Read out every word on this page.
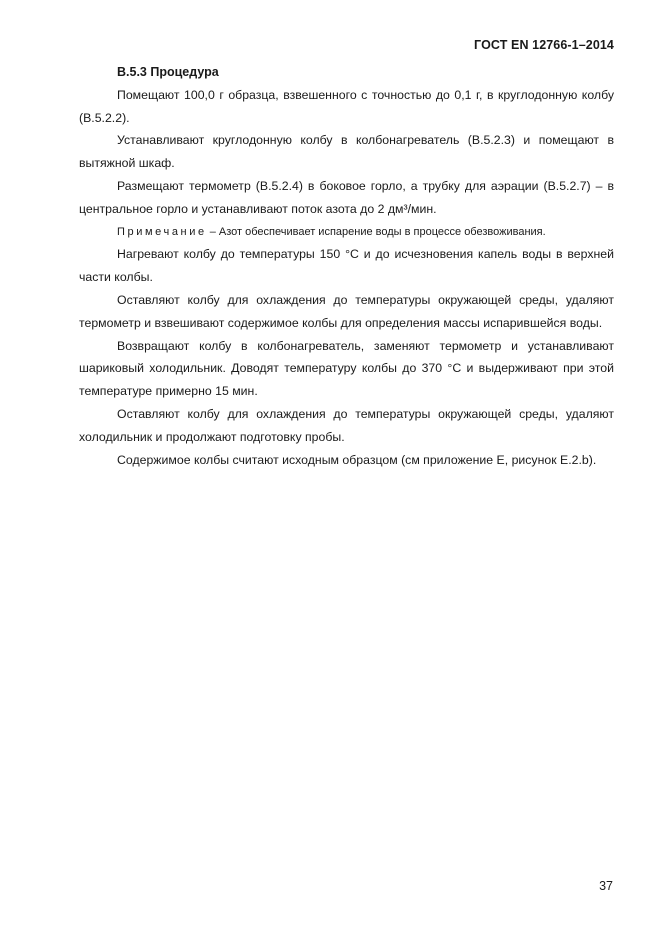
ГОСТ EN 12766-1–2014

B.5.3 Процедура

Помещают 100,0 г образца, взвешенного с точностью до 0,1 г, в круглодонную колбу (B.5.2.2).

Устанавливают круглодонную колбу в колбонагреватель (B.5.2.3) и помещают в вытяжной шкаф.

Размещают термометр (B.5.2.4) в боковое горло, а трубку для аэрации (B.5.2.7) – в центральное горло и устанавливают поток азота до 2 дм³/мин.

Примечание – Азот обеспечивает испарение воды в процессе обезвоживания.

Нагревают колбу до температуры 150 °С и до исчезновения капель воды в верхней части колбы.

Оставляют колбу для охлаждения до температуры окружающей среды, удаляют термометр и взвешивают содержимое колбы для определения массы испарившейся воды.

Возвращают колбу в колбонагреватель, заменяют термометр и устанавливают шариковый холодильник. Доводят температуру колбы до 370 °С и выдерживают при этой температуре примерно 15 мин.

Оставляют колбу для охлаждения до температуры окружающей среды, удаляют холодильник и продолжают подготовку пробы.

Содержимое колбы считают исходным образцом (см приложение Е, рисунок Е.2.b).

37
